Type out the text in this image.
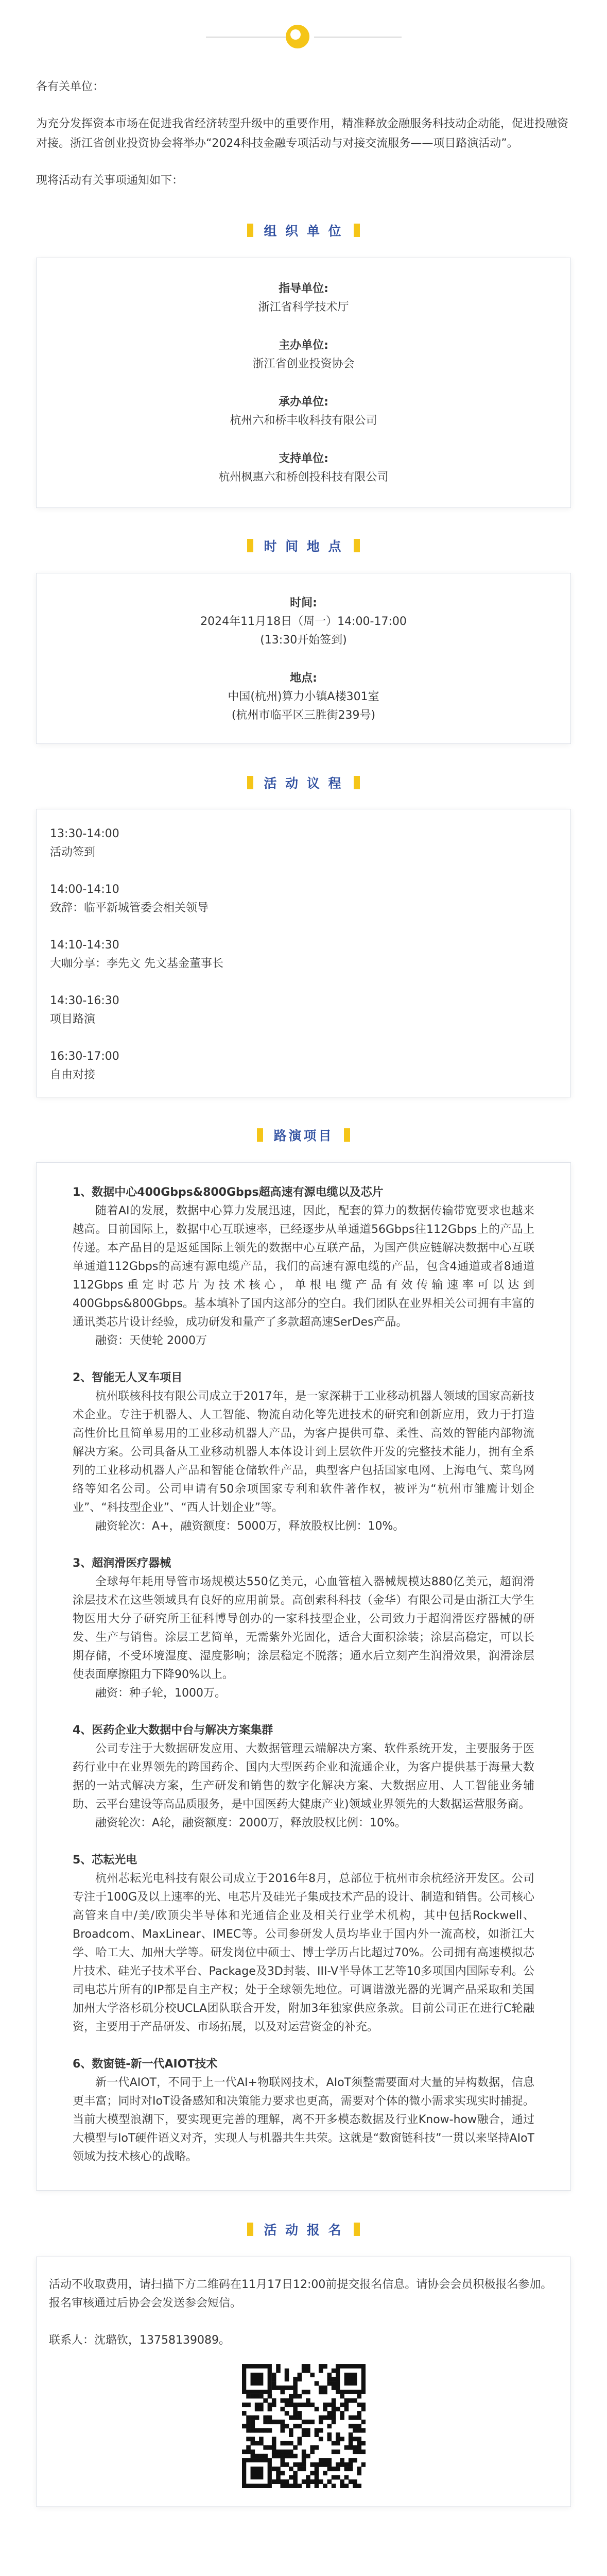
各有关单位：

为充分发挥资本市场在促进我省经济转型升级中的重要作用，精准释放金融服务科技动企动能，促进投融资对接。浙江省创业投资协会将举办“2024科技金融专项活动与对接交流服务——项目路演活动”。

现将活动有关事项通知如下：

组 织 单 位
指导单位:
浙江省科学技术厅
主办单位:
浙江省创业投资协会
承办单位:
杭州六和桥丰收科技有限公司
支持单位:
杭州枫惠六和桥创投科技有限公司
时 间 地 点
时间:
2024年11月18日（周一）14:00-17:00
(13:30开始签到)
地点:
中国(杭州)算力小镇A楼301室
(杭州市临平区三胜街239号)
活 动 议 程
13:30-14:00
活动签到
14:00-14:10
致辞：临平新城管委会相关领导
14:10-14:30
大咖分享：李先文 先文基金董事长
14:30-16:30
项目路演
16:30-17:00
自由对接
路演项目
1、数据中心400Gbps&800Gbps超高速有源电缆以及芯片

随着AI的发展，数据中心算力发展迅速，因此，配套的算力的数据传输带宽要求也越来越高。目前国际上，数据中心互联速率，已经逐步从单通道56Gbps往112Gbps上的产品上传递。本产品目的是返延国际上领先的数据中心互联产品，为国产供应链解决数据中心互联单通道112Gbps的高速有源电缆产品，我们的高速有源电缆的产品，包含4通道或者8通道112Gbps重定时芯片为技术核心，单根电缆产品有效传输速率可以达到400Gbps&800Gbps。基本填补了国内这部分的空白。我们团队在业界相关公司拥有丰富的通讯类芯片设计经验，成功研发和量产了多款超高速SerDes产品。

融资：天使轮 2000万

2、智能无人叉车项目

杭州联核科技有限公司成立于2017年，是一家深耕于工业移动机器人领域的国家高新技术企业。专注于机器人、人工智能、物流自动化等先进技术的研究和创新应用，致力于打造高性价比且简单易用的工业移动机器人产品，为客户提供可靠、柔性、高效的智能内部物流解决方案。公司具备从工业移动机器人本体设计到上层软件开发的完整技术能力，拥有全系列的工业移动机器人产品和智能仓储软件产品，典型客户包括国家电网、上海电气、菜鸟网络等知名公司。公司申请有50余项国家专利和软件著作权，被评为“杭州市雏鹰计划企业”、“科技型企业”、“西人计划企业”等。

融资轮次：A+，融资额度：5000万，释放股权比例：10%。

3、超润滑医疗器械

全球每年耗用导管市场规模达550亿美元，心血管植入器械规模达880亿美元，超润滑涂层技术在这些领域具有良好的应用前景。高创索科科技（金华）有限公司是由浙江大学生物医用大分子研究所王征科博导创办的一家科技型企业，公司致力于超润滑医疗器械的研发、生产与销售。涂层工艺简单，无需紫外光固化，适合大面积涂装；涂层高稳定，可以长期存储，不受环境湿度、湿度影响；涂层稳定不脱落；通水后立刻产生润滑效果，润滑涂层使表面摩擦阻力下降90%以上。

融资：种子轮，1000万。

4、医药企业大数据中台与解决方案集群

公司专注于大数据研发应用、大数据管理云端解决方案、软件系统开发，主要服务于医药行业中在业界领先的跨国药企、国内大型医药企业和流通企业，为客户提供基于海量大数据的一站式解决方案，生产研发和销售的数字化解决方案、大数据应用、人工智能业务辅助、云平台建设等高品质服务，是中国医药大健康产业)领域业界领先的大数据运营服务商。

融资轮次：A轮，融资额度：2000万，释放股权比例：10%。

5、芯耘光电

杭州芯耘光电科技有限公司成立于2016年8月，总部位于杭州市余杭经济开发区。公司专注于100G及以上速率的光、电芯片及硅光子集成技术产品的设计、制造和销售。公司核心高管来自中/美/欧顶尖半导体和光通信企业及相关行业学术机构，其中包括Rockwell、Broadcom、MaxLinear、IMEC等。公司参研发人员均毕业于国内外一流高校，如浙江大学、哈工大、加州大学等。研发岗位中硕士、博士学历占比超过70%。公司拥有高速模拟芯片技术、硅光子技术平台、Package及3D封装、III-V半导体工艺等10多项国内国际专利。公司电芯片所有的IP都是自主产权；处于全球领先地位。可调谐激光器的光调产品采取和美国加州大学洛杉矶分校UCLA团队联合开发，附加3年独家供应条款。目前公司正在进行C轮融资，主要用于产品研发、市场拓展，以及对运营资金的补充。

6、数窗链-新一代AIOT技术

新一代AIOT，不同于上一代AI+物联网技术，AIoT须整需要面对大量的异构数据，信息更丰富；同时对IoT设备感知和决策能力要求也更高，需要对个体的微小需求实现实时捕捉。当前大模型浪潮下，要实现更完善的理解，离不开多模态数据及行业Know-how融合，通过大模型与IoT硬件语义对齐，实现人与机器共生共荣。这就是“数窗链科技”一贯以来坚持AIoT领域为技术核心的战略。

活 动 报 名
活动不收取费用，请扫描下方二维码在11月17日12:00前提交报名信息。请协会会员积极报名参加。报名审核通过后协会会发送参会短信。
联系人：沈璐钦，13758139089。
